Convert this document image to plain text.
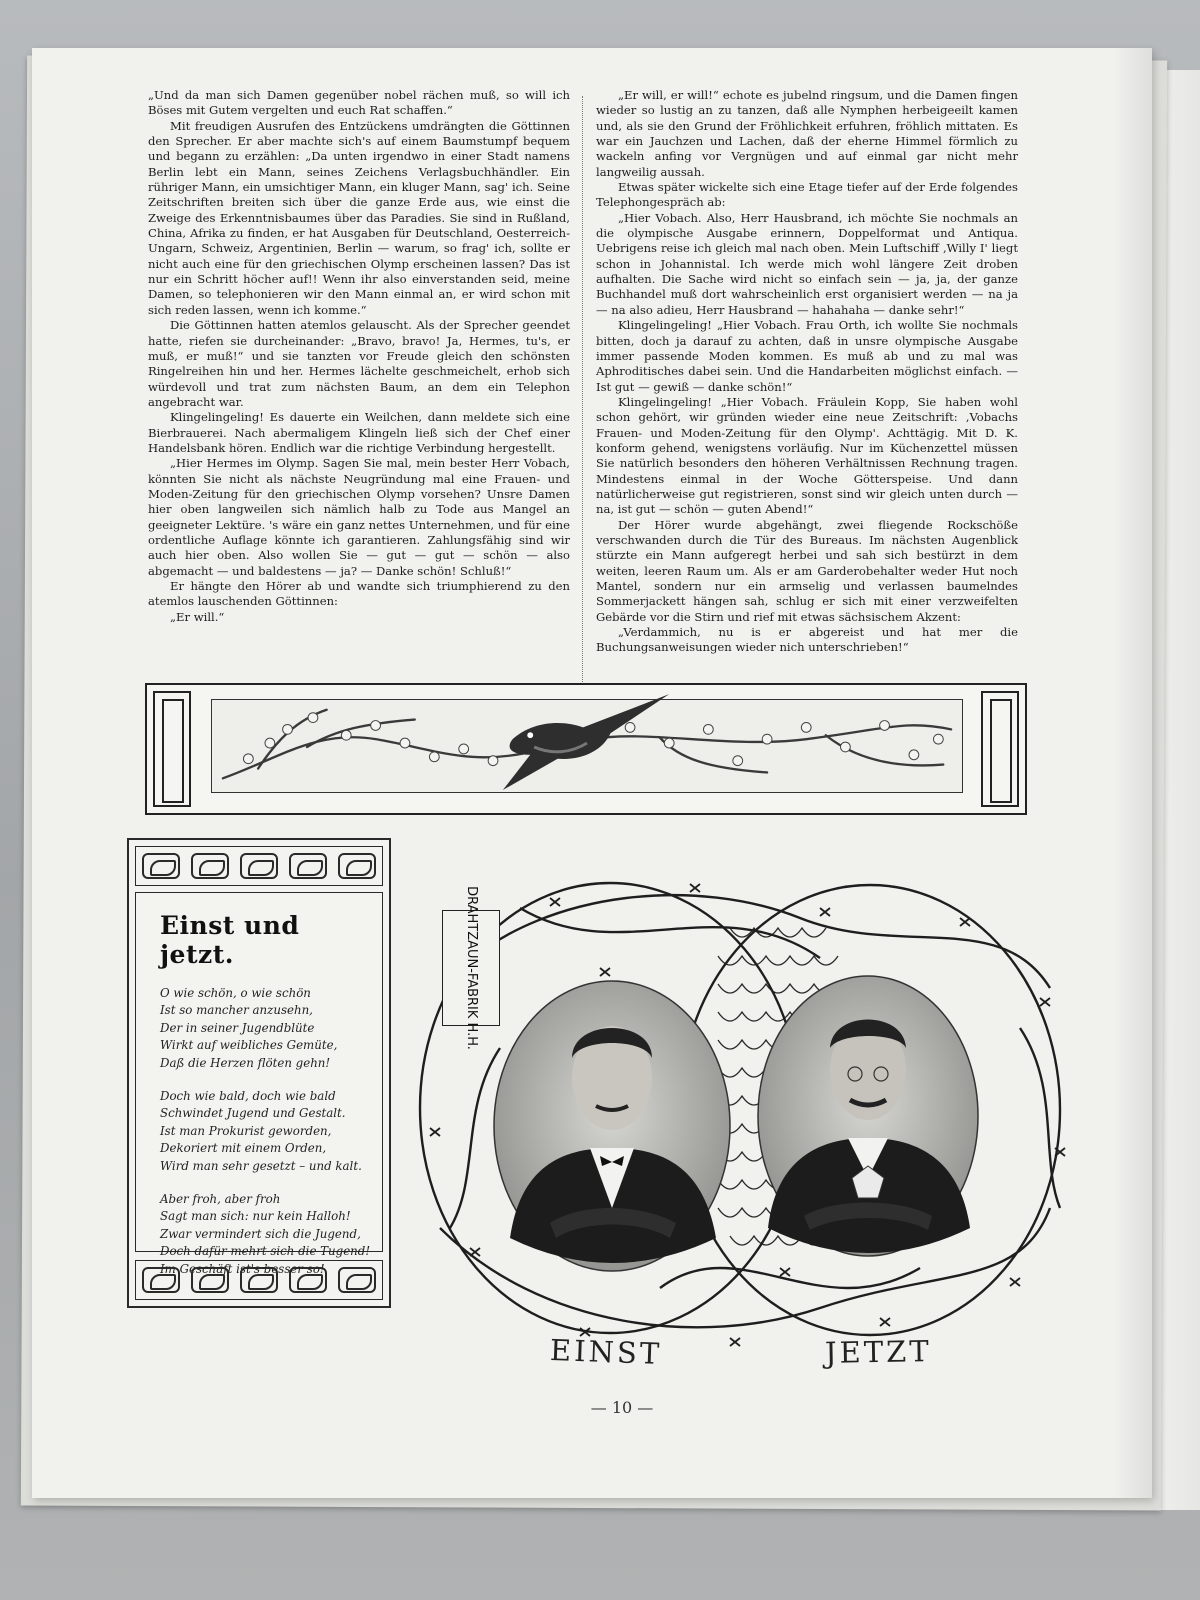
„Und da man sich Damen gegenüber nobel rächen muß, so will ich Böses mit Gutem vergelten und euch Rat schaffen.“

Mit freudigen Ausrufen des Entzückens umdrängten die Göttinnen den Sprecher. Er aber machte sich's auf einem Baumstumpf bequem und begann zu erzählen: „Da unten irgendwo in einer Stadt namens Berlin lebt ein Mann, seines Zeichens Verlagsbuchhändler. Ein rühriger Mann, ein umsichtiger Mann, ein kluger Mann, sag' ich. Seine Zeitschriften breiten sich über die ganze Erde aus, wie einst die Zweige des Erkenntnisbaumes über das Paradies. Sie sind in Rußland, China, Afrika zu finden, er hat Ausgaben für Deutschland, Oesterreich-Ungarn, Schweiz, Argentinien, Berlin — warum, so frag' ich, sollte er nicht auch eine für den griechischen Olymp erscheinen lassen? Das ist nur ein Schritt höcher auf!! Wenn ihr also einverstanden seid, meine Damen, so telephonieren wir den Mann einmal an, er wird schon mit sich reden lassen, wenn ich komme.“

Die Göttinnen hatten atemlos gelauscht. Als der Sprecher geendet hatte, riefen sie durcheinander: „Bravo, bravo! Ja, Hermes, tu's, er muß, er muß!“ und sie tanzten vor Freude gleich den schönsten Ringelreihen hin und her. Hermes lächelte geschmeichelt, erhob sich würdevoll und trat zum nächsten Baum, an dem ein Telephon angebracht war.

Klingelingeling! Es dauerte ein Weilchen, dann meldete sich eine Bierbrauerei. Nach abermaligem Klingeln ließ sich der Chef einer Handelsbank hören. Endlich war die richtige Verbindung hergestellt.

„Hier Hermes im Olymp. Sagen Sie mal, mein bester Herr Vobach, könnten Sie nicht als nächste Neugründung mal eine Frauen- und Moden-Zeitung für den griechischen Olymp vorsehen? Unsre Damen hier oben langweilen sich nämlich halb zu Tode aus Mangel an geeigneter Lektüre. 's wäre ein ganz nettes Unternehmen, und für eine ordentliche Auflage könnte ich garantieren. Zahlungsfähig sind wir auch hier oben. Also wollen Sie — gut — gut — schön — also abgemacht — und baldestens — ja? — Danke schön! Schluß!“

Er hängte den Hörer ab und wandte sich triumphierend zu den atemlos lauschenden Göttinnen:

„Er will.“

„Er will, er will!“ echote es jubelnd ringsum, und die Damen fingen wieder so lustig an zu tanzen, daß alle Nymphen herbeigeeilt kamen und, als sie den Grund der Fröhlichkeit erfuhren, fröhlich mittaten. Es war ein Jauchzen und Lachen, daß der eherne Himmel förmlich zu wackeln anfing vor Vergnügen und auf einmal gar nicht mehr langweilig aussah.

Etwas später wickelte sich eine Etage tiefer auf der Erde folgendes Telephongespräch ab:

„Hier Vobach. Also, Herr Hausbrand, ich möchte Sie nochmals an die olympische Ausgabe erinnern, Doppelformat und Antiqua. Uebrigens reise ich gleich mal nach oben. Mein Luftschiff ‚Willy I' liegt schon in Johannistal. Ich werde mich wohl längere Zeit droben aufhalten. Die Sache wird nicht so einfach sein — ja, ja, der ganze Buchhandel muß dort wahrscheinlich erst organisiert werden — na ja — na also adieu, Herr Hausbrand — hahahaha — danke sehr!“

Klingelingeling! „Hier Vobach. Frau Orth, ich wollte Sie nochmals bitten, doch ja darauf zu achten, daß in unsre olympische Ausgabe immer passende Moden kommen. Es muß ab und zu mal was Aphroditisches dabei sein. Und die Handarbeiten möglichst einfach. — Ist gut — gewiß — danke schön!“

Klingelingeling! „Hier Vobach. Fräulein Kopp, Sie haben wohl schon gehört, wir gründen wieder eine neue Zeitschrift: ‚Vobachs Frauen- und Moden-Zeitung für den Olymp'. Achttägig. Mit D. K. konform gehend, wenigstens vorläufig. Nur im Küchenzettel müssen Sie natürlich besonders den höheren Verhältnissen Rechnung tragen. Mindestens einmal in der Woche Götterspeise. Und dann natürlicherweise gut registrieren, sonst sind wir gleich unten durch — na, ist gut — schön — guten Abend!“

Der Hörer wurde abgehängt, zwei fliegende Rockschöße verschwanden durch die Tür des Bureaus. Im nächsten Augenblick stürzte ein Mann aufgeregt herbei und sah sich bestürzt in dem weiten, leeren Raum um. Als er am Garderobehalter weder Hut noch Mantel, sondern nur ein armselig und verlassen baumelndes Sommerjackett hängen sah, schlug er sich mit einer verzweifelten Gebärde vor die Stirn und rief mit etwas sächsischem Akzent:

„Verdammich, nu is er abgereist und hat mer die Buchungsanweisungen wieder nich unterschrieben!“

Einst und jetzt.
O wie schön, o wie schön
Ist so mancher anzusehn,
Der in seiner Jugendblüte
Wirkt auf weibliches Gemüte,
Daß die Herzen flöten gehn!
Doch wie bald, doch wie bald
Schwindet Jugend und Gestalt.
Ist man Prokurist geworden,
Dekoriert mit einem Orden,
Wird man sehr gesetzt – und kalt.
Aber froh, aber froh
Sagt man sich: nur kein Halloh!
Zwar vermindert sich die Jugend,
Doch dafür mehrt sich die Tugend!
Im Geschäft ist's besser so!
DRAHTZAUN-FABRIK H.H.
EINST	JETZT
— 10 —
